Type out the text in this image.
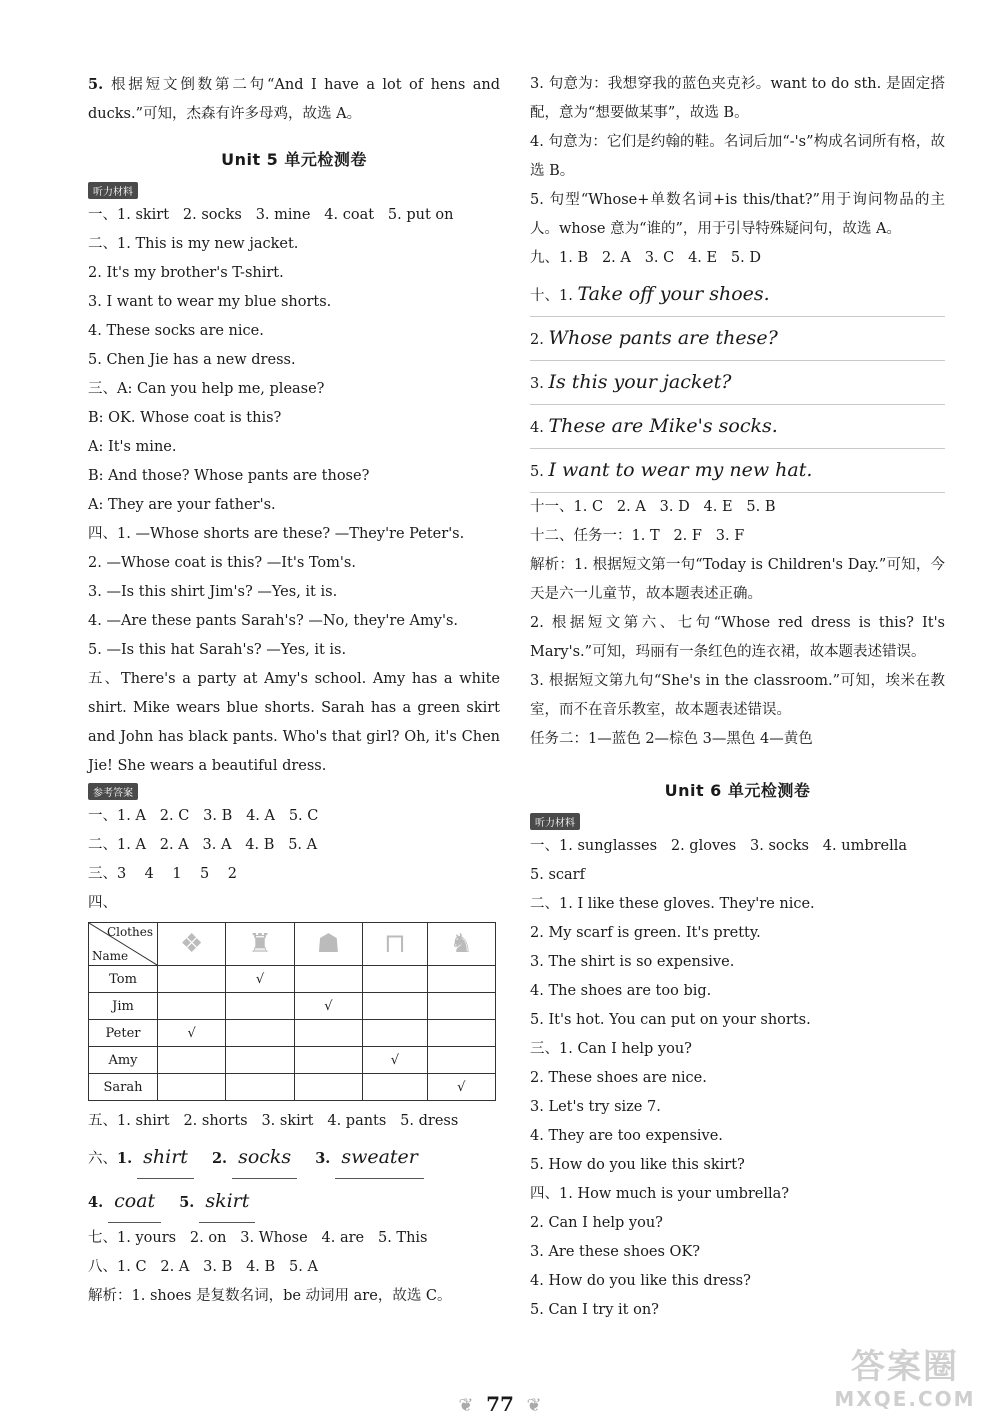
5. 根据短文倒数第二句“And I have a lot of hens and ducks.”可知，杰森有许多母鸡，故选 A。
Unit 5 单元检测卷
听力材料
一、1. skirt 2. socks 3. mine 4. coat 5. put on
二、1. This is my new jacket.
2. It's my brother's T-shirt.
3. I want to wear my blue shorts.
4. These socks are nice.
5. Chen Jie has a new dress.
三、A: Can you help me, please?
B: OK. Whose coat is this?
A: It's mine.
B: And those? Whose pants are those?
A: They are your father's.
四、1. —Whose shorts are these? —They're Peter's.
2. —Whose coat is this? —It's Tom's.
3. —Is this shirt Jim's? —Yes, it is.
4. —Are these pants Sarah's? —No, they're Amy's.
5. —Is this hat Sarah's? —Yes, it is.
五、There's a party at Amy's school. Amy has a white shirt. Mike wears blue shorts. Sarah has a green skirt and John has black pants. Who's that girl? Oh, it's Chen Jie! She wears a beautiful dress.
参考答案
一、1. A 2. C 3. B 4. A 5. C
二、1. A 2. A 3. A 4. B 5. A
三、3 4 1 5 2
四、
Clothes
Name	❖	♜	☗	⊓	♞
Tom		√			
Jim			√		
Peter	√				
Amy				√	
Sarah					√
五、1. shirt 2. shorts 3. skirt 4. pants 5. dress
六、1. shirt 2. socks 3. sweater
4. coat 5. skirt
七、1. yours 2. on 3. Whose 4. are 5. This
八、1. C 2. A 3. B 4. B 5. A
解析：1. shoes 是复数名词，be 动词用 are，故选 C。
3. 句意为：我想穿我的蓝色夹克衫。want to do sth. 是固定搭配，意为“想要做某事”，故选 B。
4. 句意为：它们是约翰的鞋。名词后加“-'s”构成名词所有格，故选 B。
5. 句型“Whose+单数名词+is this/that?”用于询问物品的主人。whose 意为“谁的”，用于引导特殊疑问句，故选 A。
九、1. B 2. A 3. C 4. E 5. D
十、1. Take off your shoes.
2. Whose pants are these?
3. Is this your jacket?
4. These are Mike's socks.
5. I want to wear my new hat.
十一、1. C 2. A 3. D 4. E 5. B
十二、任务一：1. T 2. F 3. F
解析：1. 根据短文第一句“Today is Children's Day.”可知，今天是六一儿童节，故本题表述正确。
2. 根据短文第六、七句“Whose red dress is this? It's Mary's.”可知，玛丽有一条红色的连衣裙，故本题表述错误。
3. 根据短文第九句“She's in the classroom.”可知，埃米在教室，而不在音乐教室，故本题表述错误。
任务二：1—蓝色 2—棕色 3—黑色 4—黄色
Unit 6 单元检测卷
听力材料
一、1. sunglasses 2. gloves 3. socks 4. umbrella
5. scarf
二、1. I like these gloves. They're nice.
2. My scarf is green. It's pretty.
3. The shirt is so expensive.
4. The shoes are too big.
5. It's hot. You can put on your shorts.
三、1. Can I help you?
2. These shoes are nice.
3. Let's try size 7.
4. They are too expensive.
5. How do you like this skirt?
四、1. How much is your umbrella?
2. Can I help you?
3. Are these shoes OK?
4. How do you like this dress?
5. Can I try it on?
❦ 77 ❦
答案圈
MXQE.COM
